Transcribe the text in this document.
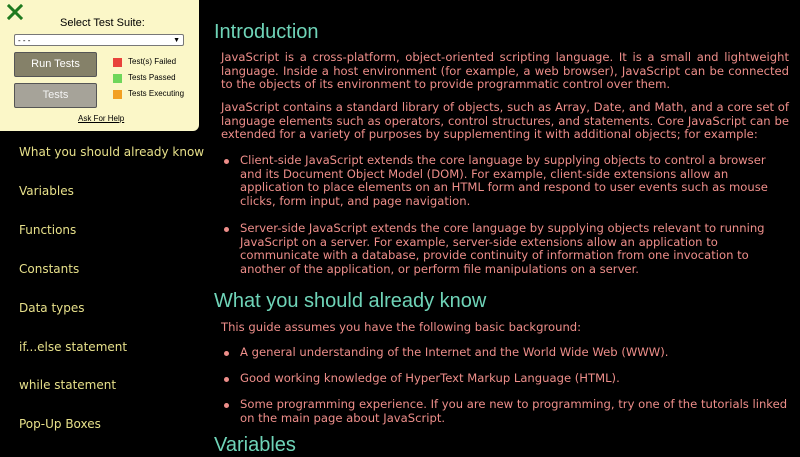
What you should already know
Variables
Functions
Constants
Data types
if...else statement
while statement
Pop-Up Boxes
Introduction

JavaScript is a cross-platform, object-oriented scripting language. It is a small and lightweight language. Inside a host environment (for example, a web browser), JavaScript can be connected to the objects of its environment to provide programmatic control over them.

JavaScript contains a standard library of objects, such as Array, Date, and Math, and a core set of language elements such as operators, control structures, and statements. Core JavaScript can be extended for a variety of purposes by supplementing it with additional objects; for example:

Client-side JavaScript extends the core language by supplying objects to control a browser and its Document Object Model (DOM). For example, client-side extensions allow an application to place elements on an HTML form and respond to user events such as mouse clicks, form input, and page navigation.
Server-side JavaScript extends the core language by supplying objects relevant to running JavaScript on a server. For example, server-side extensions allow an application to communicate with a database, provide continuity of information from one invocation to another of the application, or perform file manipulations on a server.
What you should already know

This guide assumes you have the following basic background:

A general understanding of the Internet and the World Wide Web (WWW).
Good working knowledge of HyperText Markup Language (HTML).
Some programming experience. If you are new to programming, try one of the tutorials linked on the main page about JavaScript.
Variables
Select Test Suite:
- - -	▼
Run Tests
Tests
Test(s) Failed
Tests Passed
Tests Executing
Ask For Help
